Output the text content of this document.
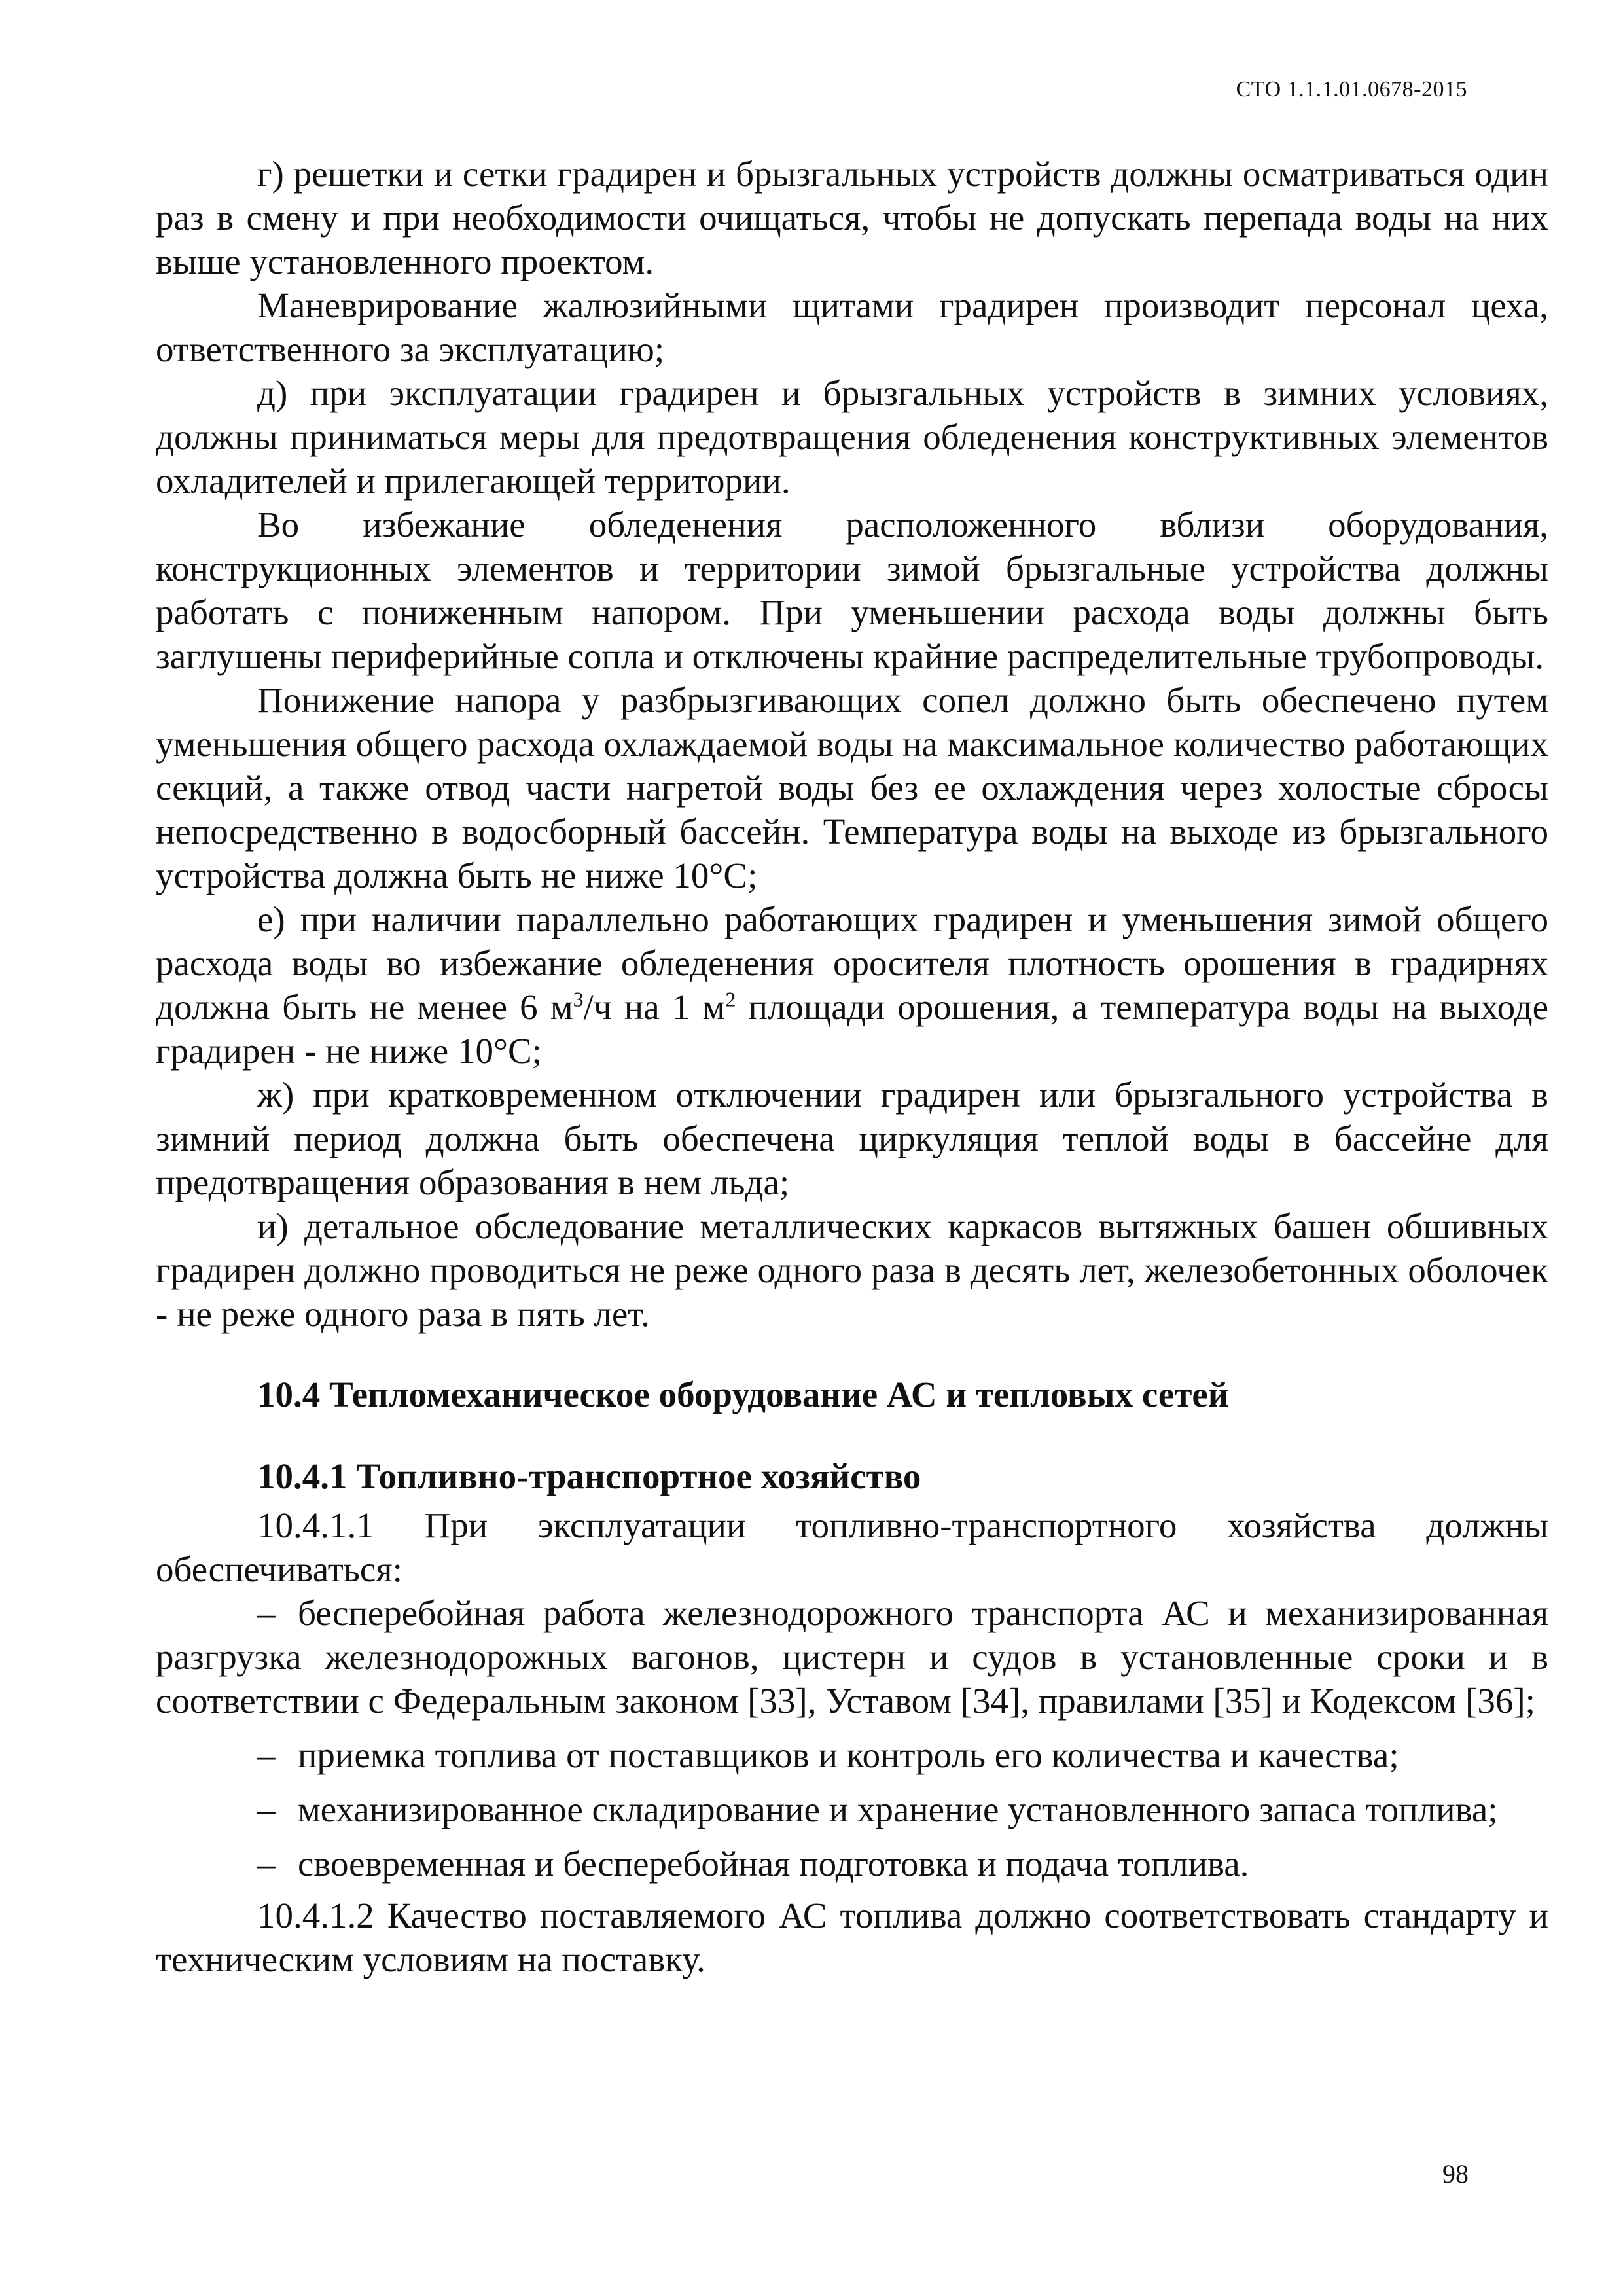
СТО 1.1.1.01.0678-2015

г) решетки и сетки градирен и брызгальных устройств должны осматриваться один раз в смену и при необходимости очищаться, чтобы не допускать перепада воды на них выше установленного проектом.

Маневрирование жалюзийными щитами градирен производит персонал цеха, ответственного за эксплуатацию;

д) при эксплуатации градирен и брызгальных устройств в зимних условиях, должны приниматься меры для предотвращения обледенения конструктивных элементов охладителей и прилегающей территории.

Во избежание обледенения расположенного вблизи оборудования, конструкционных элементов и территории зимой брызгальные устройства должны работать с пониженным напором. При уменьшении расхода воды должны быть заглушены периферийные сопла и отключены крайние распределительные трубопроводы.

Понижение напора у разбрызгивающих сопел должно быть обеспечено путем уменьшения общего расхода охлаждаемой воды на максимальное количество работающих секций, а также отвод части нагретой воды без ее охлаждения через холостые сбросы непосредственно в водосборный бассейн. Температура воды на выходе из брызгального устройства должна быть не ниже 10°С;

е) при наличии параллельно работающих градирен и уменьшения зимой общего расхода воды во избежание обледенения оросителя плотность орошения в градирнях должна быть не менее 6 $м^3/ч$ на 1 $м^2$ площади орошения, а температура воды на выходе градирен - не ниже 10°С;

ж) при кратковременном отключении градирен или брызгального устройства в зимний период должна быть обеспечена циркуляция теплой воды в бассейне для предотвращения образования в нем льда;

и) детальное обследование металлических каркасов вытяжных башен обшивных градирен должно проводиться не реже одного раза в десять лет, железобетонных оболочек - не реже одного раза в пять лет.

10.4 Тепломеханическое оборудование АС и тепловых сетей
10.4.1 Топливно-транспортное хозяйство

10.4.1.1 При эксплуатации топливно-транспортного хозяйства должны обеспечиваться:

– бесперебойная работа железнодорожного транспорта АС и механизированная разгрузка железнодорожных вагонов, цистерн и судов в установленные сроки и в соответствии с Федеральным законом [33], Уставом [34], правилами [35] и Кодексом [36];

– приемка топлива от поставщиков и контроль его количества и качества;

– механизированное складирование и хранение установленного запаса топлива;

– своевременная и бесперебойная подготовка и подача топлива.

10.4.1.2 Качество поставляемого АС топлива должно соответствовать стандарту и техническим условиям на поставку.

98
